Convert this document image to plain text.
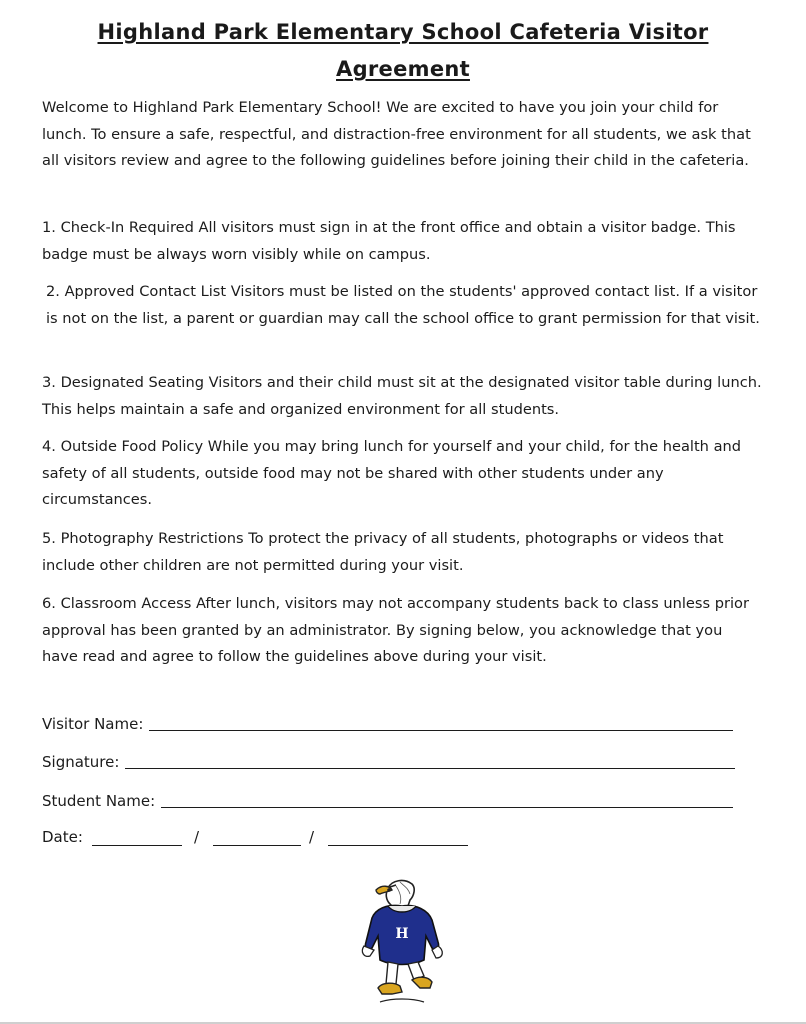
Highland Park Elementary School Cafeteria Visitor
Agreement

Welcome to Highland Park Elementary School! We are excited to have you join your child for lunch. To ensure a safe, respectful, and distraction-free environment for all students, we ask that all visitors review and agree to the following guidelines before joining their child in the cafeteria.

1. Check-In Required All visitors must sign in at the front office and obtain a visitor badge. This badge must be always worn visibly while on campus.

2. Approved Contact List Visitors must be listed on the students' approved contact list. If a visitor is not on the list, a parent or guardian may call the school office to grant permission for that visit.

3. Designated Seating Visitors and their child must sit at the designated visitor table during lunch. This helps maintain a safe and organized environment for all students.

4. Outside Food Policy While you may bring lunch for yourself and your child, for the health and safety of all students, outside food may not be shared with other students under any circumstances.

5. Photography Restrictions To protect the privacy of all students, photographs or videos that include other children are not permitted during your visit.

6. Classroom Access After lunch, visitors may not accompany students back to class unless prior approval has been granted by an administrator. By signing below, you acknowledge that you have read and agree to follow the guidelines above during your visit.

Visitor Name:
Signature:
Student Name:
Date:	/	/
H
